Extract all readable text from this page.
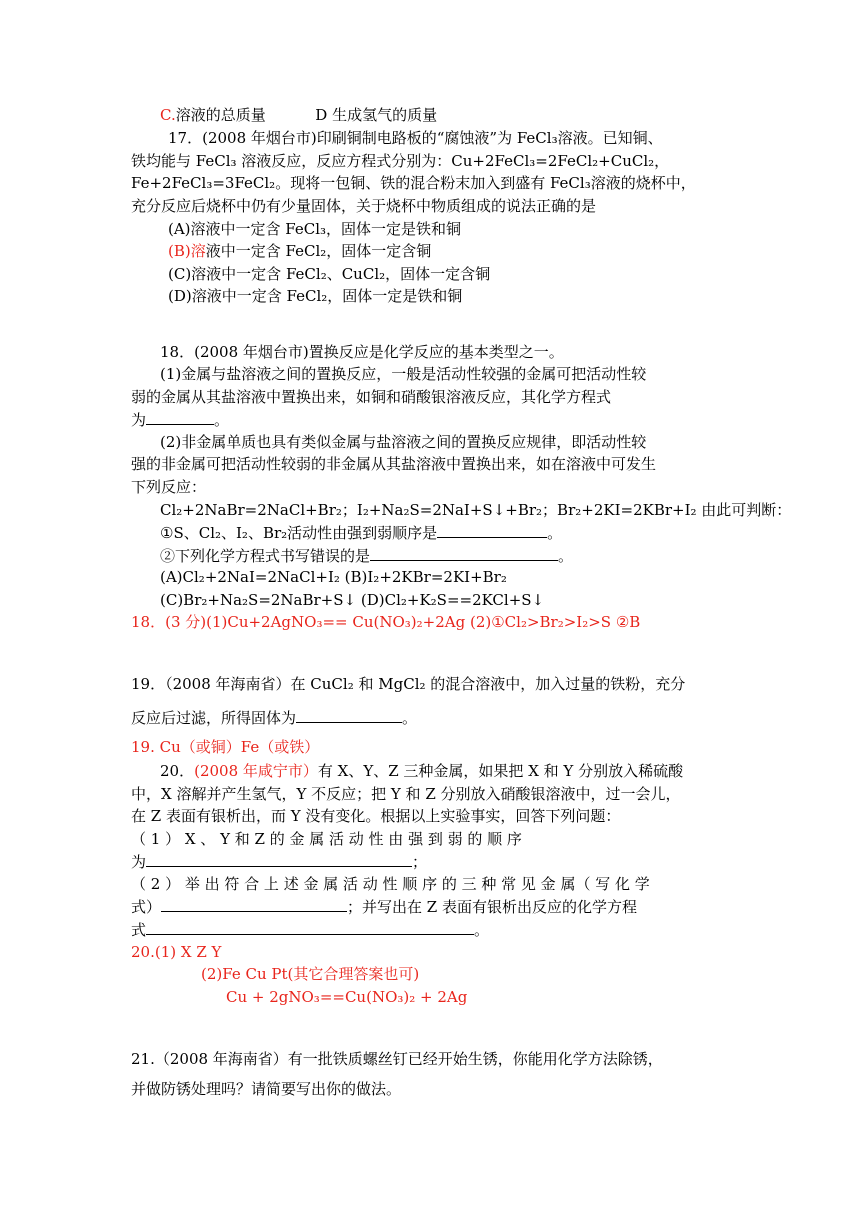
C.溶液的总质量	D 生成氢气的质量
17．(2008 年烟台市)印刷铜制电路板的“腐蚀液”为 FeCl₃溶液。已知铜、
铁均能与 FeCl₃ 溶液反应，反应方程式分别为：Cu+2FeCl₃=2FeCl₂+CuCl₂，
Fe+2FeCl₃=3FeCl₂。现将一包铜、铁的混合粉末加入到盛有 FeCl₃溶液的烧杯中，
充分反应后烧杯中仍有少量固体，关于烧杯中物质组成的说法正确的是
(A)溶液中一定含 FeCl₃，固体一定是铁和铜
(B)溶液中一定含 FeCl₂，固体一定含铜
(C)溶液中一定含 FeCl₂、CuCl₂，固体一定含铜
(D)溶液中一定含 FeCl₂，固体一定是铁和铜
18．(2008 年烟台市)置换反应是化学反应的基本类型之一。
(1)金属与盐溶液之间的置换反应，一般是活动性较强的金属可把活动性较
弱的金属从其盐溶液中置换出来，如铜和硝酸银溶液反应，其化学方程式
为	。
(2)非金属单质也具有类似金属与盐溶液之间的置换反应规律，即活动性较
强的非金属可把活动性较弱的非金属从其盐溶液中置换出来，如在溶液中可发生
下列反应：
Cl₂+2NaBr=2NaCl+Br₂；I₂+Na₂S=2NaI+S↓+Br₂；Br₂+2KI=2KBr+I₂ 由此可判断：
①S、Cl₂、I₂、Br₂活动性由强到弱顺序是	。
②下列化学方程式书写错误的是	。
(A)Cl₂+2NaI=2NaCl+I₂ (B)I₂+2KBr=2KI+Br₂
(C)Br₂+Na₂S=2NaBr+S↓ (D)Cl₂+K₂S==2KCl+S↓
18．(3 分)(1)Cu+2AgNO₃== Cu(NO₃)₂+2Ag (2)①Cl₂>Br₂>I₂>S ②B
19．（2008 年海南省）在 CuCl₂ 和 MgCl₂ 的混合溶液中，加入过量的铁粉，充分
反应后过滤，所得固体为	。
19. Cu（或铜）Fe（或铁）
20．(2008 年咸宁市）有 X、Y、Z 三种金属，如果把 X 和 Y 分别放入稀硫酸
中，X 溶解并产生氢气，Y 不反应；把 Y 和 Z 分别放入硝酸银溶液中，过一会儿，
在 Z 表面有银析出，而 Y 没有变化。根据以上实验事实，回答下列问题：
（ 1 ） X 、 Y 和 Z 的 金 属 活 动 性 由 强 到 弱 的 顺 序
为	；
（ 2 ） 举 出 符 合 上 述 金 属 活 动 性 顺 序 的 三 种 常 见 金 属（ 写 化 学
式）	；并写出在 Z 表面有银析出反应的化学方程
式	。
20.(1) X Z Y
(2)Fe Cu Pt(其它合理答案也可)
Cu + 2gNO₃==Cu(NO₃)₂ + 2Ag
21.（2008 年海南省）有一批铁质螺丝钉已经开始生锈，你能用化学方法除锈，
并做防锈处理吗？请简要写出你的做法。
